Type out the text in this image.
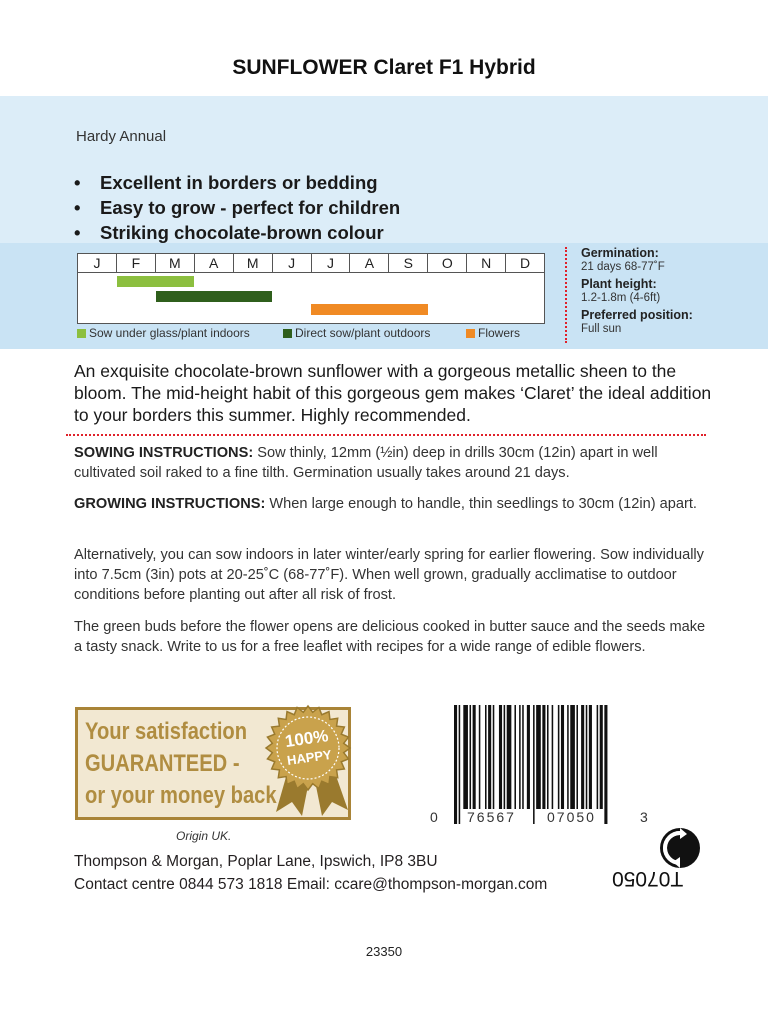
SUNFLOWER Claret F1 Hybrid
Hardy Annual
• Excellent in borders or bedding
• Easy to grow - perfect for children
• Striking chocolate-brown colour
J	F	M	A	M	J	J	A	S	O	N	D
Sow under glass/plant indoors	Direct sow/plant outdoors	Flowers
Germination:
21 days 68-77˚F
Plant height:
1.2-1.8m (4-6ft)
Preferred position:
Full sun
An exquisite chocolate-brown sunflower with a gorgeous metallic sheen to the bloom. The mid-height habit of this gorgeous gem makes ‘Claret’ the ideal addition to your borders this summer. Highly recommended.
SOWING INSTRUCTIONS: Sow thinly, 12mm (½in) deep in drills 30cm (12in) apart in well cultivated soil raked to a fine tilth. Germination usually takes around 21 days.
GROWING INSTRUCTIONS: When large enough to handle, thin seedlings to 30cm (12in) apart.
Alternatively, you can sow indoors in later winter/early spring for earlier flowering. Sow individually into 7.5cm (3in) pots at 20-25˚C (68-77˚F). When well grown, gradually acclimatise to outdoor conditions before planting out after all risk of frost.
The green buds before the flower opens are delicious cooked in butter sauce and the seeds make a tasty snack. Write to us for a free leaflet with recipes for a wide range of edible flowers.
Your satisfaction
GUARANTEED -
or your money back
100%
HAPPY
0 76567 07050	3
Origin UK.
Thompson & Morgan, Poplar Lane, Ipswich, IP8 3BU
Contact centre 0844 573 1818 Email: ccare@thompson-morgan.com	T07050
23350
